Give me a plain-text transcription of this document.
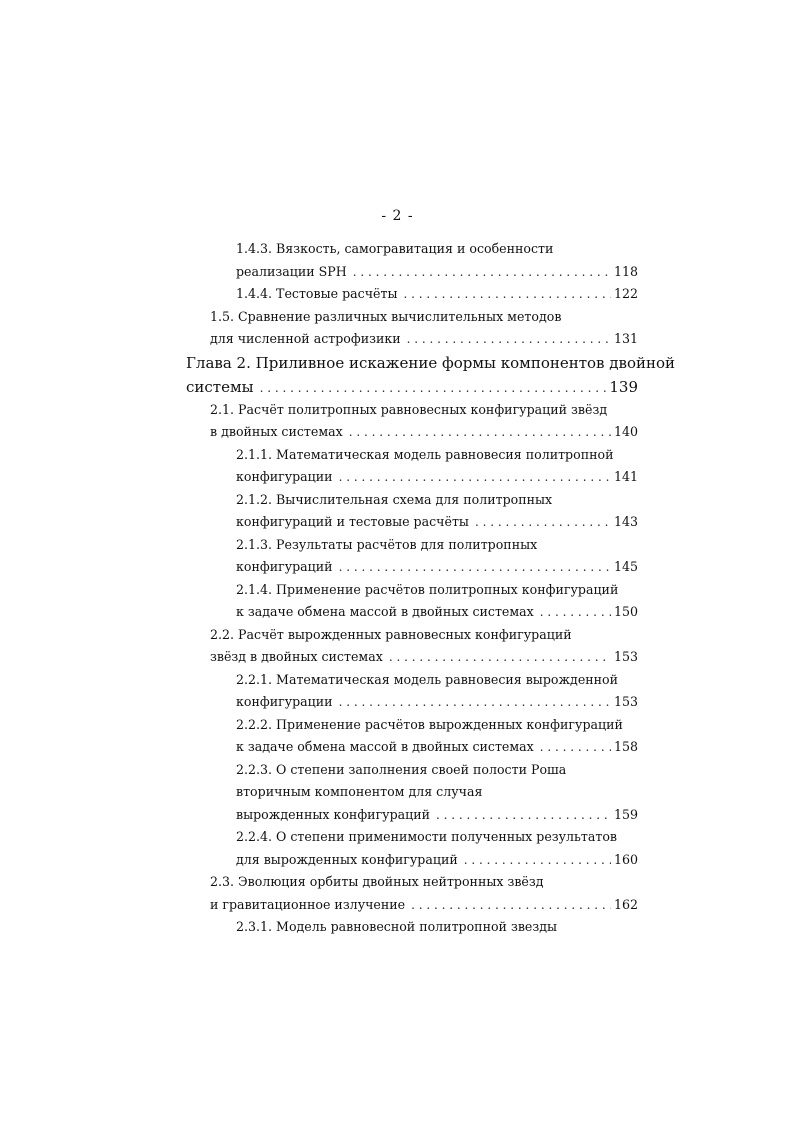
- 2 -
1.4.3. Вязкость, самогравитация и особенности
реализации SPH . . .	118
1.4.4. Тестовые расчёты . . .	122
1.5. Сравнение различных вычислительных методов
для численной астрофизики . . .	131
Глава 2. Приливное искажение формы компонентов двойной
системы . . .	139
2.1. Расчёт политропных равновесных конфигураций звёзд
в двойных системах . . .	140
2.1.1. Математическая модель равновесия политропной
конфигурации . . .	141
2.1.2. Вычислительная схема для политропных
конфигураций и тестовые расчёты . . .	143
2.1.3. Результаты расчётов для политропных
конфигураций . . .	145
2.1.4. Применение расчётов политропных конфигураций
к задаче обмена массой в двойных системах . . .	150
2.2. Расчёт вырожденных равновесных конфигураций
звёзд в двойных системах . . .	153
2.2.1. Математическая модель равновесия вырожденной
конфигурации . . .	153
2.2.2. Применение расчётов вырожденных конфигураций
к задаче обмена массой в двойных системах . . .	158
2.2.3. О степени заполнения своей полости Роша
вторичным компонентом для случая
вырожденных конфигураций . . .	159
2.2.4. О степени применимости полученных результатов
для вырожденных конфигураций . . .	160
2.3. Эволюция орбиты двойных нейтронных звёзд
и гравитационное излучение . . .	162
2.3.1. Модель равновесной политропной звезды
